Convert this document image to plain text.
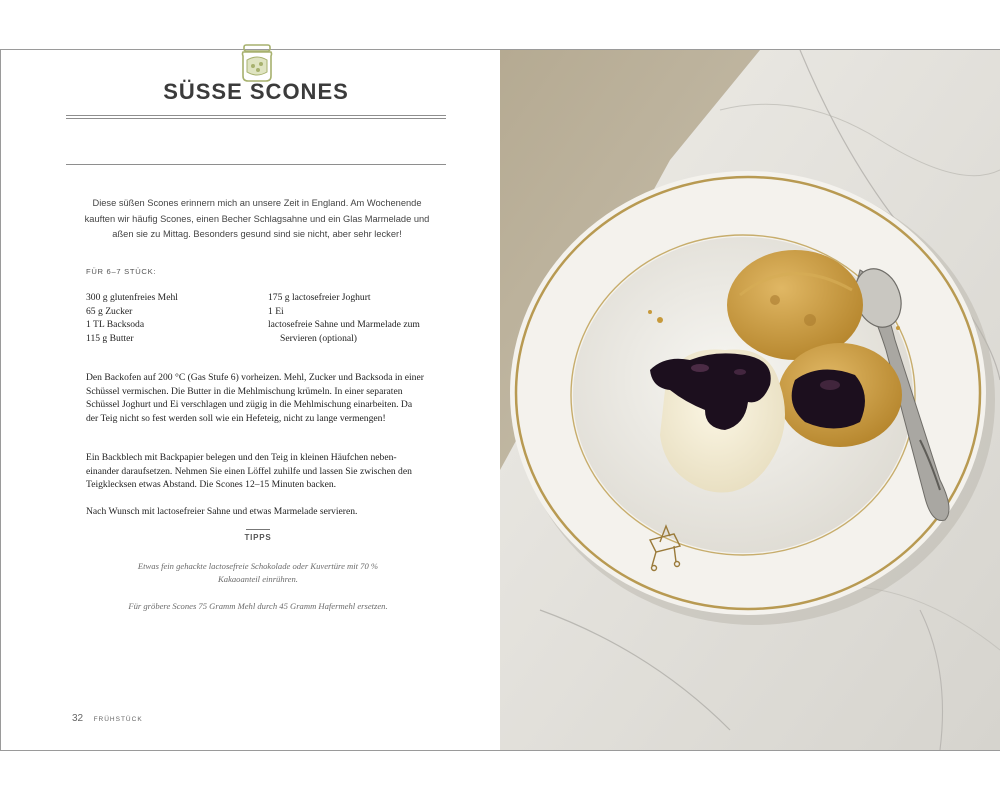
SÜSSE SCONES
Diese süßen Scones erinnern mich an unsere Zeit in England. Am Wochenende kauften wir häufig Scones, einen Becher Schlagsahne und ein Glas Marmelade und aßen sie zu Mittag. Besonders gesund sind sie nicht, aber sehr lecker!
FÜR 6–7 STÜCK:
300 g glutenfreies Mehl
65 g Zucker
1 TL Backsoda
115 g Butter
175 g lactosefreier Joghurt
1 Ei
lactosefreie Sahne und Marmelade zum
Servieren (optional)
Den Backofen auf 200 °C (Gas Stufe 6) vorheizen. Mehl, Zucker und Backsoda in einer Schüssel vermischen. Die Butter in die Mehlmischung krümeln. In einer separaten Schüssel Joghurt und Ei verschlagen und zügig in die Mehlmischung einarbeiten. Da der Teig nicht so fest werden soll wie ein Hefeteig, nicht zu lange vermengen!
Ein Backblech mit Backpapier belegen und den Teig in kleinen Häufchen neben-einander daraufsetzen. Nehmen Sie einen Löffel zuhilfe und lassen Sie zwischen den Teigklecksen etwas Abstand. Die Scones 12–15 Minuten backen.
Nach Wunsch mit lactosefreier Sahne und etwas Marmelade servieren.
TIPPS
Etwas fein gehackte lactosefreie Schokolade oder Kuvertüre mit 70 % Kakaoanteil einrühren.
Für gröbere Scones 75 Gramm Mehl durch 45 Gramm Hafermehl ersetzen.
32 FRÜHSTÜCK
